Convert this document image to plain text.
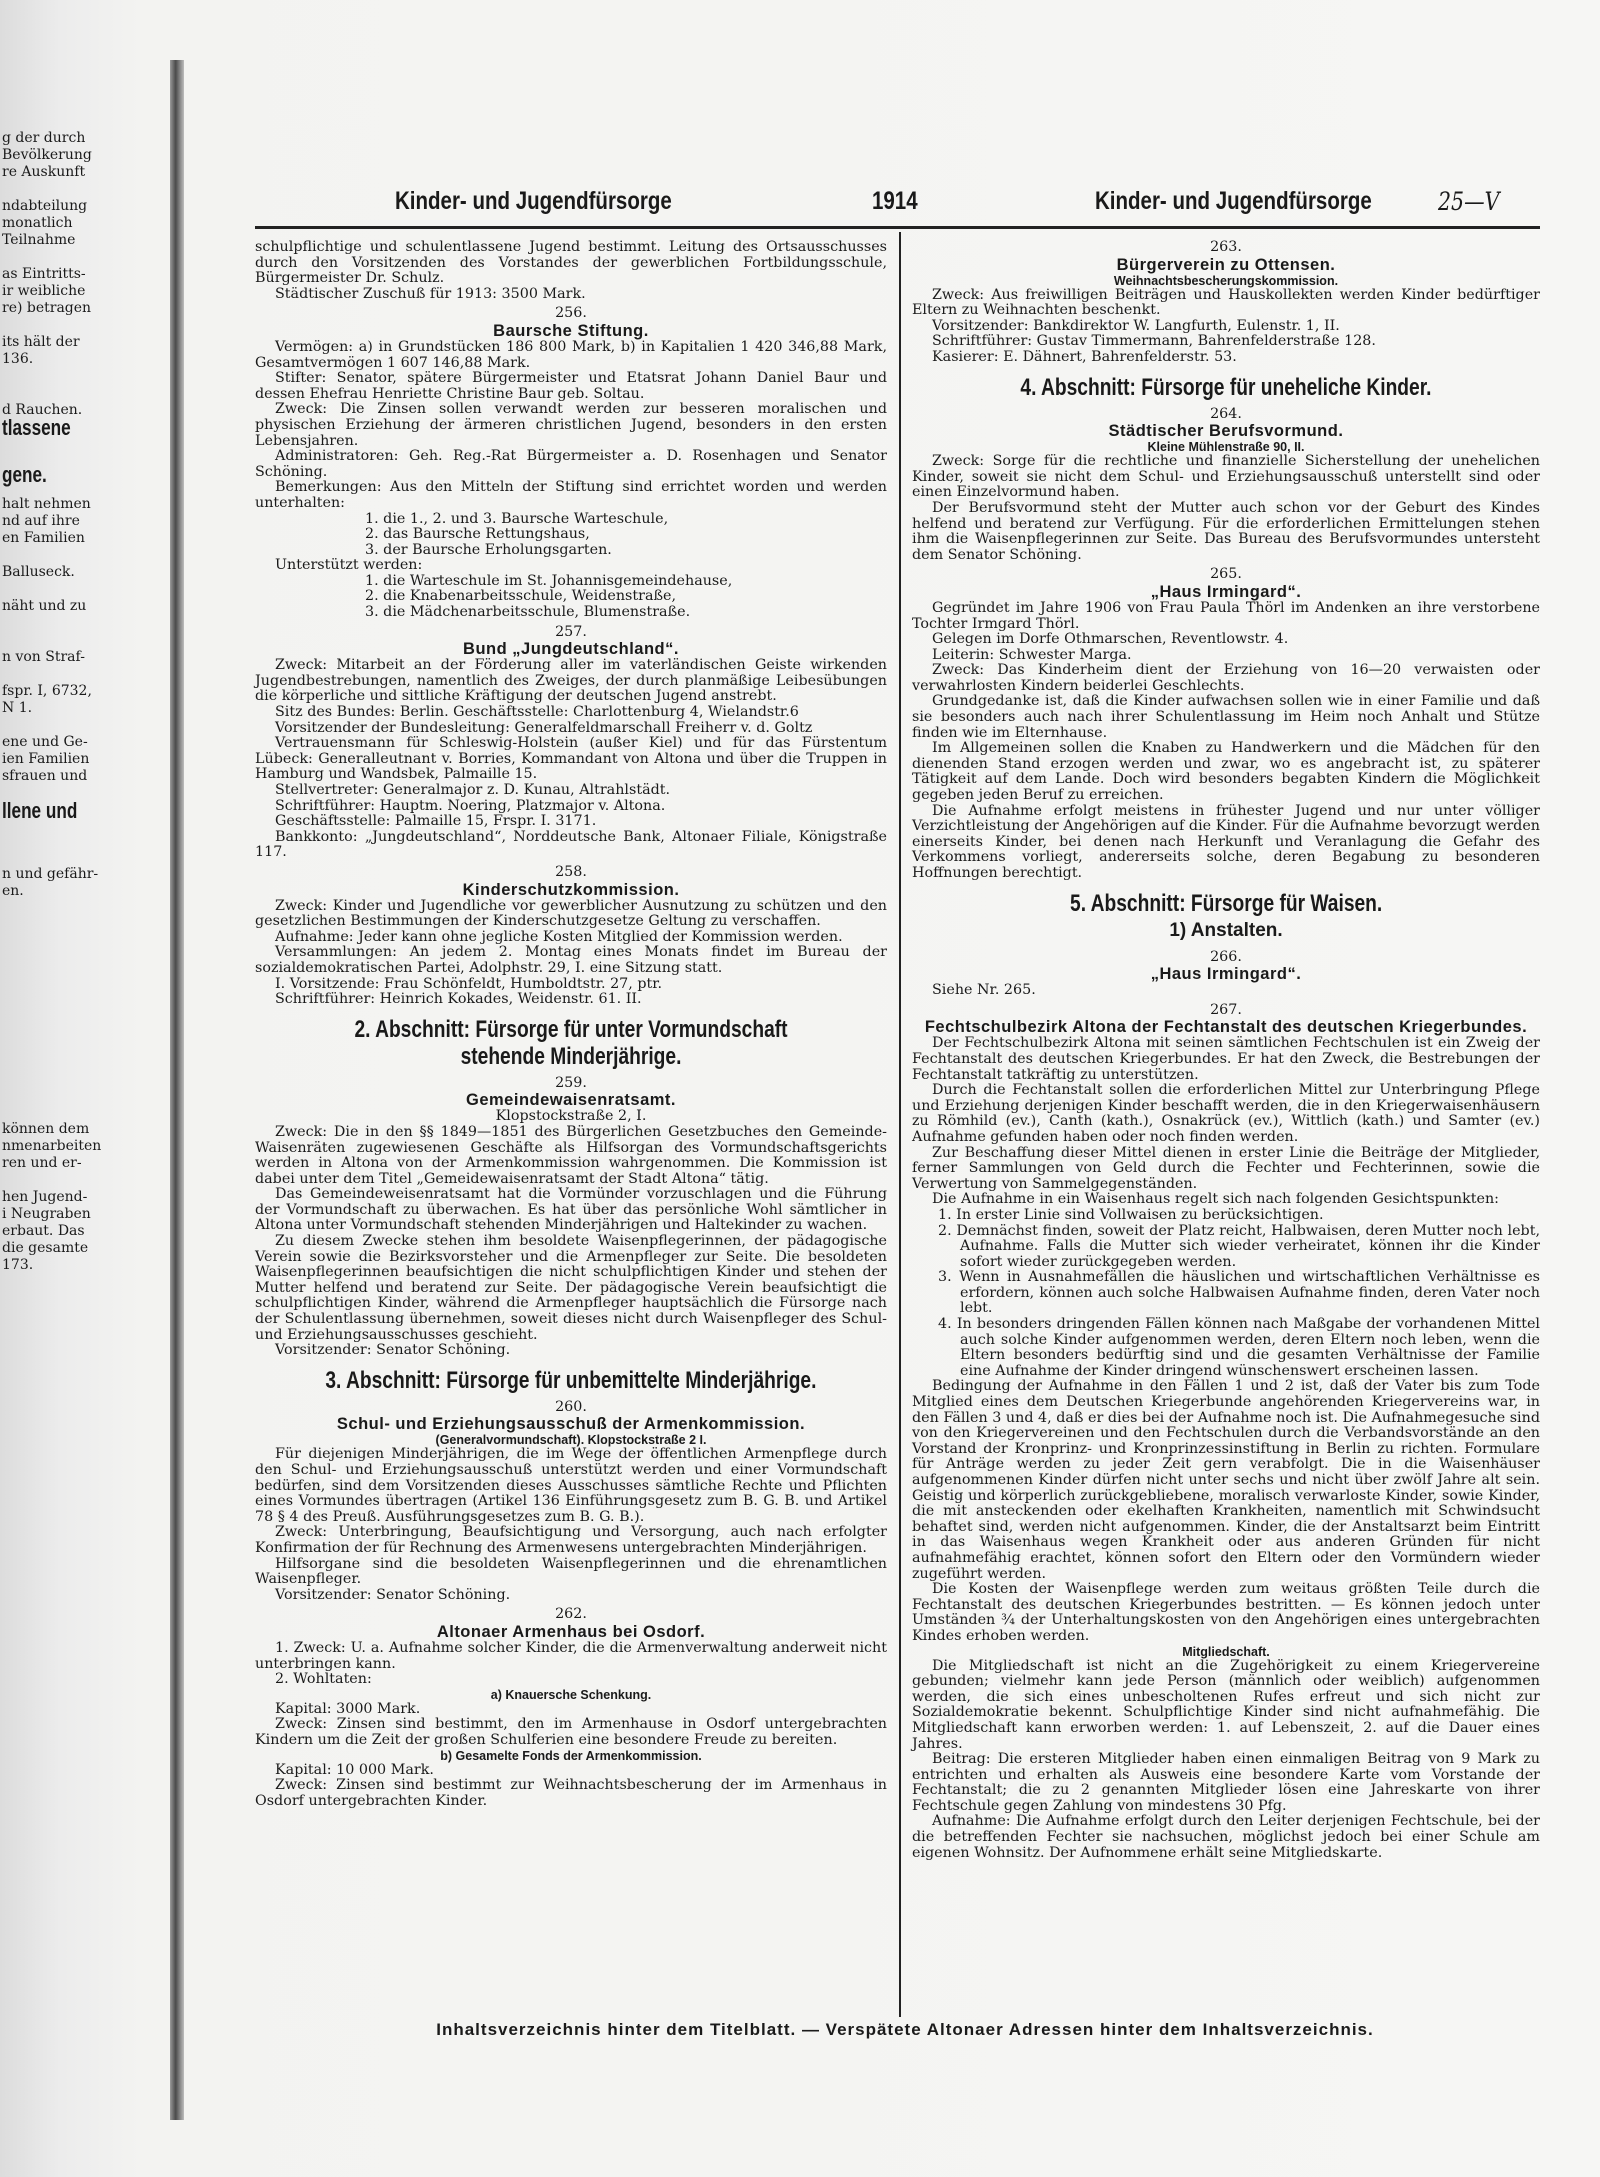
g der durch
Bevölkerung
re Auskunft
ndabteilung
monatlich
Teilnahme
as Eintritts-
ir weibliche
re) betragen
its hält der
136.
d Rauchen.
tlassene
gene.
halt nehmen
nd auf ihre
en Familien
Balluseck.
näht und zu
n von Straf-
fspr. I, 6732,
N 1.
ene und Ge-
ien Familien
sfrauen und
llene und
n und gefähr-
en.
können dem
nmenarbeiten
ren und er-
hen Jugend-
i Neugraben
erbaut. Das
die gesamte
173.
Kinder- und Jugendfürsorge	1914	Kinder- und Jugendfürsorge	25—V

schulpflichtige und schulentlassene Jugend bestimmt. Leitung des Ortsausschusses durch den Vorsitzenden des Vorstandes der gewerblichen Fortbildungsschule, Bürgermeister Dr. Schulz.

Städtischer Zuschuß für 1913: 3500 Mark.

256.
Baursche Stiftung.

Vermögen: a) in Grundstücken 186 800 Mark, b) in Kapitalien 1 420 346,88 Mark, Gesamtvermögen 1 607 146,88 Mark.

Stifter: Senator, spätere Bürgermeister und Etatsrat Johann Daniel Baur und dessen Ehefrau Henriette Christine Baur geb. Soltau.

Zweck: Die Zinsen sollen verwandt werden zur besseren moralischen und physischen Erziehung der ärmeren christlichen Jugend, besonders in den ersten Lebensjahren.

Administratoren: Geh. Reg.-Rat Bürgermeister a. D. Rosenhagen und Senator Schöning.

Bemerkungen: Aus den Mitteln der Stiftung sind errichtet worden und werden unterhalten:

1. die 1., 2. und 3. Baursche Warteschule,

2. das Baursche Rettungshaus,

3. der Baursche Erholungsgarten.

Unterstützt werden:

1. die Warteschule im St. Johannisgemeindehause,

2. die Knabenarbeitsschule, Weidenstraße,

3. die Mädchenarbeitsschule, Blumenstraße.

257.
Bund „Jungdeutschland“.

Zweck: Mitarbeit an der Förderung aller im vaterländischen Geiste wirkenden Jugendbestrebungen, namentlich des Zweiges, der durch planmäßige Leibesübungen die körperliche und sittliche Kräftigung der deutschen Jugend anstrebt.

Sitz des Bundes: Berlin. Geschäftsstelle: Charlottenburg 4, Wielandstr.6

Vorsitzender der Bundesleitung: Generalfeldmarschall Freiherr v. d. Goltz

Vertrauensmann für Schleswig-Holstein (außer Kiel) und für das Fürstentum Lübeck: Generalleutnant v. Borries, Kommandant von Altona und über die Truppen in Hamburg und Wandsbek, Palmaille 15.

Stellvertreter: Generalmajor z. D. Kunau, Altrahlstädt.

Schriftführer: Hauptm. Noering, Platzmajor v. Altona.

Geschäftsstelle: Palmaille 15, Frspr. I. 3171.

Bankkonto: „Jungdeutschland“, Norddeutsche Bank, Altonaer Filiale, Königstraße 117.

258.
Kinderschutzkommission.

Zweck: Kinder und Jugendliche vor gewerblicher Ausnutzung zu schützen und den gesetzlichen Bestimmungen der Kinderschutzgesetze Geltung zu verschaffen.

Aufnahme: Jeder kann ohne jegliche Kosten Mitglied der Kommission werden.

Versammlungen: An jedem 2. Montag eines Monats findet im Bureau der sozialdemokratischen Partei, Adolphstr. 29, I. eine Sitzung statt.

I. Vorsitzende: Frau Schönfeldt, Humboldtstr. 27, ptr.

Schriftführer: Heinrich Kokades, Weidenstr. 61. II.

2. Abschnitt: Fürsorge für unter Vormundschaft stehende Minderjährige.
259.
Gemeindewaisenratsamt.

Klopstockstraße 2, I.

Zweck: Die in den §§ 1849—1851 des Bürgerlichen Gesetzbuches den Gemeinde-Waisenräten zugewiesenen Geschäfte als Hilfsorgan des Vormundschaftsgerichts werden in Altona von der Armenkommission wahrgenommen. Die Kommission ist dabei unter dem Titel „Gemeidewaisenratsamt der Stadt Altona“ tätig.

Das Gemeindeweisenratsamt hat die Vormünder vorzuschlagen und die Führung der Vormundschaft zu überwachen. Es hat über das persönliche Wohl sämtlicher in Altona unter Vormundschaft stehenden Minderjährigen und Haltekinder zu wachen.

Zu diesem Zwecke stehen ihm besoldete Waisenpflegerinnen, der pädagogische Verein sowie die Bezirksvorsteher und die Armenpfleger zur Seite. Die besoldeten Waisenpflegerinnen beaufsichtigen die nicht schulpflichtigen Kinder und stehen der Mutter helfend und beratend zur Seite. Der pädagogische Verein beaufsichtigt die schulpflichtigen Kinder, während die Armenpfleger hauptsächlich die Fürsorge nach der Schulentlassung übernehmen, soweit dieses nicht durch Waisenpfleger des Schul- und Erziehungsausschusses geschieht.

Vorsitzender: Senator Schöning.

3. Abschnitt: Fürsorge für unbemittelte Minderjährige.
260.
Schul- und Erziehungsausschuß der Armenkommission.
(Generalvormundschaft). Klopstockstraße 2 I.

Für diejenigen Minderjährigen, die im Wege der öffentlichen Armenpflege durch den Schul- und Erziehungsausschuß unterstützt werden und einer Vormundschaft bedürfen, sind dem Vorsitzenden dieses Ausschusses sämtliche Rechte und Pflichten eines Vormundes übertragen (Artikel 136 Einführungsgesetz zum B. G. B. und Artikel 78 § 4 des Preuß. Ausführungsgesetzes zum B. G. B.).

Zweck: Unterbringung, Beaufsichtigung und Versorgung, auch nach erfolgter Konfirmation der für Rechnung des Armenwesens untergebrachten Minderjährigen.

Hilfsorgane sind die besoldeten Waisenpflegerinnen und die ehrenamtlichen Waisenpfleger.

Vorsitzender: Senator Schöning.

262.
Altonaer Armenhaus bei Osdorf.

1. Zweck: U. a. Aufnahme solcher Kinder, die die Armenverwaltung anderweit nicht unterbringen kann.

2. Wohltaten:

a) Knauersche Schenkung.

Kapital: 3000 Mark.

Zweck: Zinsen sind bestimmt, den im Armenhause in Osdorf untergebrachten Kindern um die Zeit der großen Schulferien eine besondere Freude zu bereiten.

b) Gesamelte Fonds der Armenkommission.

Kapital: 10 000 Mark.

Zweck: Zinsen sind bestimmt zur Weihnachtsbescherung der im Armenhaus in Osdorf untergebrachten Kinder.

263.
Bürgerverein zu Ottensen.
Weihnachtsbescherungskommission.

Zweck: Aus freiwilligen Beiträgen und Hauskollekten werden Kinder bedürftiger Eltern zu Weihnachten beschenkt.

Vorsitzender: Bankdirektor W. Langfurth, Eulenstr. 1, II.

Schriftführer: Gustav Timmermann, Bahrenfelderstraße 128.

Kasierer: E. Dähnert, Bahrenfelderstr. 53.

4. Abschnitt: Fürsorge für uneheliche Kinder.
264.
Städtischer Berufsvormund.
Kleine Mühlenstraße 90, II.

Zweck: Sorge für die rechtliche und finanzielle Sicherstellung der unehelichen Kinder, soweit sie nicht dem Schul- und Erziehungsausschuß unterstellt sind oder einen Einzelvormund haben.

Der Berufsvormund steht der Mutter auch schon vor der Geburt des Kindes helfend und beratend zur Verfügung. Für die erforderlichen Ermittelungen stehen ihm die Waisenpflegerinnen zur Seite. Das Bureau des Berufsvormundes untersteht dem Senator Schöning.

265.
„Haus Irmingard“.

Gegründet im Jahre 1906 von Frau Paula Thörl im Andenken an ihre verstorbene Tochter Irmgard Thörl.

Gelegen im Dorfe Othmarschen, Reventlowstr. 4.

Leiterin: Schwester Marga.

Zweck: Das Kinderheim dient der Erziehung von 16—20 verwaisten oder verwahrlosten Kindern beiderlei Geschlechts.

Grundgedanke ist, daß die Kinder aufwachsen sollen wie in einer Familie und daß sie besonders auch nach ihrer Schulentlassung im Heim noch Anhalt und Stütze finden wie im Elternhause.

Im Allgemeinen sollen die Knaben zu Handwerkern und die Mädchen für den dienenden Stand erzogen werden und zwar, wo es angebracht ist, zu späterer Tätigkeit auf dem Lande. Doch wird besonders begabten Kindern die Möglichkeit gegeben jeden Beruf zu erreichen.

Die Aufnahme erfolgt meistens in frühester Jugend und nur unter völliger Verzichtleistung der Angehörigen auf die Kinder. Für die Aufnahme bevorzugt werden einerseits Kinder, bei denen nach Herkunft und Veranlagung die Gefahr des Verkommens vorliegt, andererseits solche, deren Begabung zu besonderen Hoffnungen berechtigt.

5. Abschnitt: Fürsorge für Waisen.
1) Anstalten.
266.
„Haus Irmingard“.

Siehe Nr. 265.

267.
Fechtschulbezirk Altona der Fechtanstalt des deutschen Kriegerbundes.

Der Fechtschulbezirk Altona mit seinen sämtlichen Fechtschulen ist ein Zweig der Fechtanstalt des deutschen Kriegerbundes. Er hat den Zweck, die Bestrebungen der Fechtanstalt tatkräftig zu unterstützen.

Durch die Fechtanstalt sollen die erforderlichen Mittel zur Unterbringung Pflege und Erziehung derjenigen Kinder beschafft werden, die in den Kriegerwaisenhäusern zu Römhild (ev.), Canth (kath.), Osnakrück (ev.), Wittlich (kath.) und Samter (ev.) Aufnahme gefunden haben oder noch finden werden.

Zur Beschaffung dieser Mittel dienen in erster Linie die Beiträge der Mitglieder, ferner Sammlungen von Geld durch die Fechter und Fechterinnen, sowie die Verwertung von Sammelgegenständen.

Die Aufnahme in ein Waisenhaus regelt sich nach folgenden Gesichtspunkten:

1. In erster Linie sind Vollwaisen zu berücksichtigen.

2. Demnächst finden, soweit der Platz reicht, Halbwaisen, deren Mutter noch lebt, Aufnahme. Falls die Mutter sich wieder verheiratet, können ihr die Kinder sofort wieder zurückgegeben werden.

3. Wenn in Ausnahmefällen die häuslichen und wirtschaftlichen Verhältnisse es erfordern, können auch solche Halbwaisen Aufnahme finden, deren Vater noch lebt.

4. In besonders dringenden Fällen können nach Maßgabe der vorhandenen Mittel auch solche Kinder aufgenommen werden, deren Eltern noch leben, wenn die Eltern besonders bedürftig sind und die gesamten Verhältnisse der Familie eine Aufnahme der Kinder dringend wünschenswert erscheinen lassen.

Bedingung der Aufnahme in den Fällen 1 und 2 ist, daß der Vater bis zum Tode Mitglied eines dem Deutschen Kriegerbunde angehörenden Kriegervereins war, in den Fällen 3 und 4, daß er dies bei der Aufnahme noch ist. Die Aufnahmegesuche sind von den Kriegervereinen und den Fechtschulen durch die Verbandsvorstände an den Vorstand der Kronprinz- und Kronprinzessinstiftung in Berlin zu richten. Formulare für Anträge werden zu jeder Zeit gern verabfolgt. Die in die Waisenhäuser aufgenommenen Kinder dürfen nicht unter sechs und nicht über zwölf Jahre alt sein. Geistig und körperlich zurückgebliebene, moralisch verwarloste Kinder, sowie Kinder, die mit ansteckenden oder ekelhaften Krankheiten, namentlich mit Schwindsucht behaftet sind, werden nicht aufgenommen. Kinder, die der Anstaltsarzt beim Eintritt in das Waisenhaus wegen Krankheit oder aus anderen Gründen für nicht aufnahmefähig erachtet, können sofort den Eltern oder den Vormündern wieder zugeführt werden.

Die Kosten der Waisenpflege werden zum weitaus größten Teile durch die Fechtanstalt des deutschen Kriegerbundes bestritten. — Es können jedoch unter Umständen ¾ der Unterhaltungskosten von den Angehörigen eines untergebrachten Kindes erhoben werden.

Mitgliedschaft.

Die Mitgliedschaft ist nicht an die Zugehörigkeit zu einem Kriegervereine gebunden; vielmehr kann jede Person (männlich oder weiblich) aufgenommen werden, die sich eines unbescholtenen Rufes erfreut und sich nicht zur Sozialdemokratie bekennt. Schulpflichtige Kinder sind nicht aufnahmefähig. Die Mitgliedschaft kann erworben werden: 1. auf Lebenszeit, 2. auf die Dauer eines Jahres.

Beitrag: Die ersteren Mitglieder haben einen einmaligen Beitrag von 9 Mark zu entrichten und erhalten als Ausweis eine besondere Karte vom Vorstande der Fechtanstalt; die zu 2 genannten Mitglieder lösen eine Jahreskarte von ihrer Fechtschule gegen Zahlung von mindestens 30 Pfg.

Aufnahme: Die Aufnahme erfolgt durch den Leiter derjenigen Fechtschule, bei der die betreffenden Fechter sie nachsuchen, möglichst jedoch bei einer Schule am eigenen Wohnsitz. Der Aufnommene erhält seine Mitgliedskarte.

Inhaltsverzeichnis hinter dem Titelblatt. — Verspätete Altonaer Adressen hinter dem Inhaltsverzeichnis.
